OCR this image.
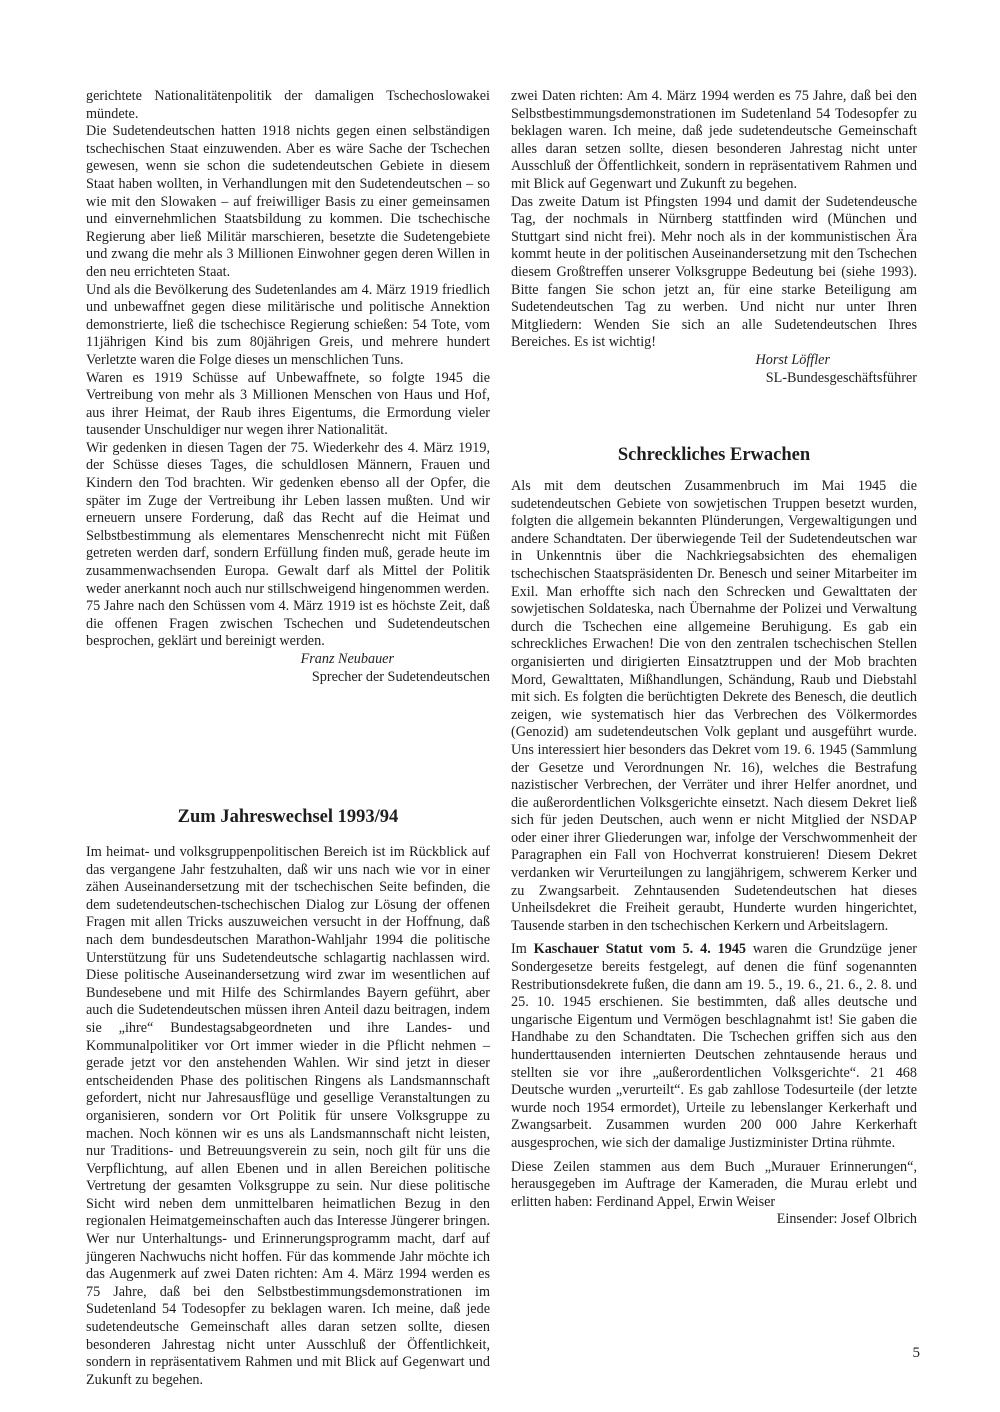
gerichtete Nationalitätenpolitik der damaligen Tschechoslowakei mündete.

Die Sudetendeutschen hatten 1918 nichts gegen einen selbständigen tschechischen Staat einzuwenden. Aber es wäre Sache der Tschechen gewesen, wenn sie schon die sudetendeutschen Gebiete in diesem Staat haben wollten, in Verhandlungen mit den Sudetendeutschen – so wie mit den Slowaken – auf freiwilliger Basis zu einer gemeinsamen und einvernehmlichen Staatsbildung zu kommen. Die tschechische Regierung aber ließ Militär marschieren, besetzte die Sudetengebiete und zwang die mehr als 3 Millionen Einwohner gegen deren Willen in den neu errichteten Staat.

Und als die Bevölkerung des Sudetenlandes am 4. März 1919 friedlich und unbewaffnet gegen diese militärische und politische Annektion demonstrierte, ließ die tschechisce Regierung schießen: 54 Tote, vom 11jährigen Kind bis zum 80jährigen Greis, und mehrere hundert Verletzte waren die Folge dieses un menschlichen Tuns.

Waren es 1919 Schüsse auf Unbewaffnete, so folgte 1945 die Vertreibung von mehr als 3 Millionen Menschen von Haus und Hof, aus ihrer Heimat, der Raub ihres Eigentums, die Ermordung vieler tausender Unschuldiger nur wegen ihrer Nationalität.

Wir gedenken in diesen Tagen der 75. Wiederkehr des 4. März 1919, der Schüsse dieses Tages, die schuldlosen Männern, Frauen und Kindern den Tod brachten. Wir gedenken ebenso all der Opfer, die später im Zuge der Vertreibung ihr Leben lassen mußten. Und wir erneuern unsere Forderung, daß das Recht auf die Heimat und Selbstbestimmung als elementares Menschenrecht nicht mit Füßen getreten werden darf, sondern Erfüllung finden muß, gerade heute im zusammenwachsenden Europa. Gewalt darf als Mittel der Politik weder anerkannt noch auch nur stillschweigend hingenommen werden.

75 Jahre nach den Schüssen vom 4. März 1919 ist es höchste Zeit, daß die offenen Fragen zwischen Tschechen und Sudetendeutschen besprochen, geklärt und bereinigt werden.

Franz Neubauer

Sprecher der Sudetendeutschen

Zum Jahreswechsel 1993/94

Im heimat- und volksgruppenpolitischen Bereich ist im Rückblick auf das vergangene Jahr festzuhalten, daß wir uns nach wie vor in einer zähen Auseinandersetzung mit der tschechischen Seite befinden, die dem sudetendeutschen-tschechischen Dialog zur Lösung der offenen Fragen mit allen Tricks auszuweichen versucht in der Hoffnung, daß nach dem bundesdeutschen Marathon-Wahljahr 1994 die politische Unterstützung für uns Sudetendeutsche schlagartig nachlassen wird. Diese politische Auseinandersetzung wird zwar im wesentlichen auf Bundesebene und mit Hilfe des Schirmlandes Bayern geführt, aber auch die Sudetendeutschen müssen ihren Anteil dazu beitragen, indem sie „ihre“ Bundestagsabgeordneten und ihre Landes- und Kommunalpolitiker vor Ort immer wieder in die Pflicht nehmen – gerade jetzt vor den anstehenden Wahlen. Wir sind jetzt in dieser entscheidenden Phase des politischen Ringens als Landsmannschaft gefordert, nicht nur Jahresausflüge und gesellige Veranstaltungen zu organisieren, sondern vor Ort Politik für unsere Volksgruppe zu machen. Noch können wir es uns als Landsmannschaft nicht leisten, nur Traditions- und Betreuungsverein zu sein, noch gilt für uns die Verpflichtung, auf allen Ebenen und in allen Bereichen politische Vertretung der gesamten Volksgruppe zu sein. Nur diese politische Sicht wird neben dem unmittelbaren heimatlichen Bezug in den regionalen Heimatgemeinschaften auch das Interesse Jüngerer bringen. Wer nur Unterhaltungs- und Erinnerungsprogramm macht, darf auf jüngeren Nachwuchs nicht hoffen. Für das kommende Jahr möchte ich das Augenmerk auf zwei Daten richten: Am 4. März 1994 werden es 75 Jahre, daß bei den Selbstbestimmungsdemonstrationen im Sudetenland 54 Todesopfer zu beklagen waren. Ich meine, daß jede sudetendeutsche Gemeinschaft alles daran setzen sollte, diesen besonderen Jahrestag nicht unter Ausschluß der Öffentlichkeit, sondern in repräsentativem Rahmen und mit Blick auf Gegenwart und Zukunft zu begehen.

zwei Daten richten: Am 4. März 1994 werden es 75 Jahre, daß bei den Selbstbestimmungsdemonstrationen im Sudetenland 54 Todesopfer zu beklagen waren. Ich meine, daß jede sudetendeutsche Gemeinschaft alles daran setzen sollte, diesen besonderen Jahrestag nicht unter Ausschluß der Öffentlichkeit, sondern in repräsentativem Rahmen und mit Blick auf Gegenwart und Zukunft zu begehen.

Das zweite Datum ist Pfingsten 1994 und damit der Sudetendeusche Tag, der nochmals in Nürnberg stattfinden wird (München und Stuttgart sind nicht frei). Mehr noch als in der kommunistischen Ära kommt heute in der politischen Auseinandersetzung mit den Tschechen diesem Großtreffen unserer Volksgruppe Bedeutung bei (siehe 1993). Bitte fangen Sie schon jetzt an, für eine starke Beteiligung am Sudetendeutschen Tag zu werben. Und nicht nur unter Ihren Mitgliedern: Wenden Sie sich an alle Sudetendeutschen Ihres Bereiches. Es ist wichtig!

Horst Löffler

SL-Bundesgeschäftsführer

Schreckliches Erwachen

Als mit dem deutschen Zusammenbruch im Mai 1945 die sudetendeutschen Gebiete von sowjetischen Truppen besetzt wurden, folgten die allgemein bekannten Plünderungen, Vergewaltigungen und andere Schandtaten. Der überwiegende Teil der Sudetendeutschen war in Unkenntnis über die Nachkriegsabsichten des ehemaligen tschechischen Staatspräsidenten Dr. Benesch und seiner Mitarbeiter im Exil. Man erhoffte sich nach den Schrecken und Gewalttaten der sowjetischen Soldateska, nach Übernahme der Polizei und Verwaltung durch die Tschechen eine allgemeine Beruhigung. Es gab ein schreckliches Erwachen! Die von den zentralen tschechischen Stellen organisierten und dirigierten Einsatztruppen und der Mob brachten Mord, Gewalttaten, Mißhandlungen, Schändung, Raub und Diebstahl mit sich. Es folgten die berüchtigten Dekrete des Benesch, die deutlich zeigen, wie systematisch hier das Verbrechen des Völkermordes (Genozid) am sudetendeutschen Volk geplant und ausgeführt wurde. Uns interessiert hier besonders das Dekret vom 19. 6. 1945 (Sammlung der Gesetze und Verordnungen Nr. 16), welches die Bestrafung nazistischer Verbrechen, der Verräter und ihrer Helfer anordnet, und die außerordentlichen Volksgerichte einsetzt. Nach diesem Dekret ließ sich für jeden Deutschen, auch wenn er nicht Mitglied der NSDAP oder einer ihrer Gliederungen war, infolge der Verschwommenheit der Paragraphen ein Fall von Hochverrat konstruieren! Diesem Dekret verdanken wir Verurteilungen zu langjährigem, schwerem Kerker und zu Zwangsarbeit. Zehntausenden Sudetendeutschen hat dieses Unheilsdekret die Freiheit geraubt, Hunderte wurden hingerichtet, Tausende starben in den tschechischen Kerkern und Arbeitslagern.

Im Kaschauer Statut vom 5. 4. 1945 waren die Grundzüge jener Sondergesetze bereits festgelegt, auf denen die fünf sogenannten Restributionsdekrete fußen, die dann am 19. 5., 19. 6., 21. 6., 2. 8. und 25. 10. 1945 erschienen. Sie bestimmten, daß alles deutsche und ungarische Eigentum und Vermögen beschlagnahmt ist! Sie gaben die Handhabe zu den Schandtaten. Die Tschechen griffen sich aus den hunderttausenden internierten Deutschen zehntausende heraus und stellten sie vor ihre „außerordentlichen Volksgerichte“. 21 468 Deutsche wurden „verurteilt“. Es gab zahllose Todesurteile (der letzte wurde noch 1954 ermordet), Urteile zu lebenslanger Kerkerhaft und Zwangsarbeit. Zusammen wurden 200 000 Jahre Kerkerhaft ausgesprochen, wie sich der damalige Justizminister Drtina rühmte.

Diese Zeilen stammen aus dem Buch „Murauer Erinnerungen“, herausgegeben im Auftrage der Kameraden, die Murau erlebt und erlitten haben: Ferdinand Appel, Erwin Weiser

Einsender: Josef Olbrich

5
